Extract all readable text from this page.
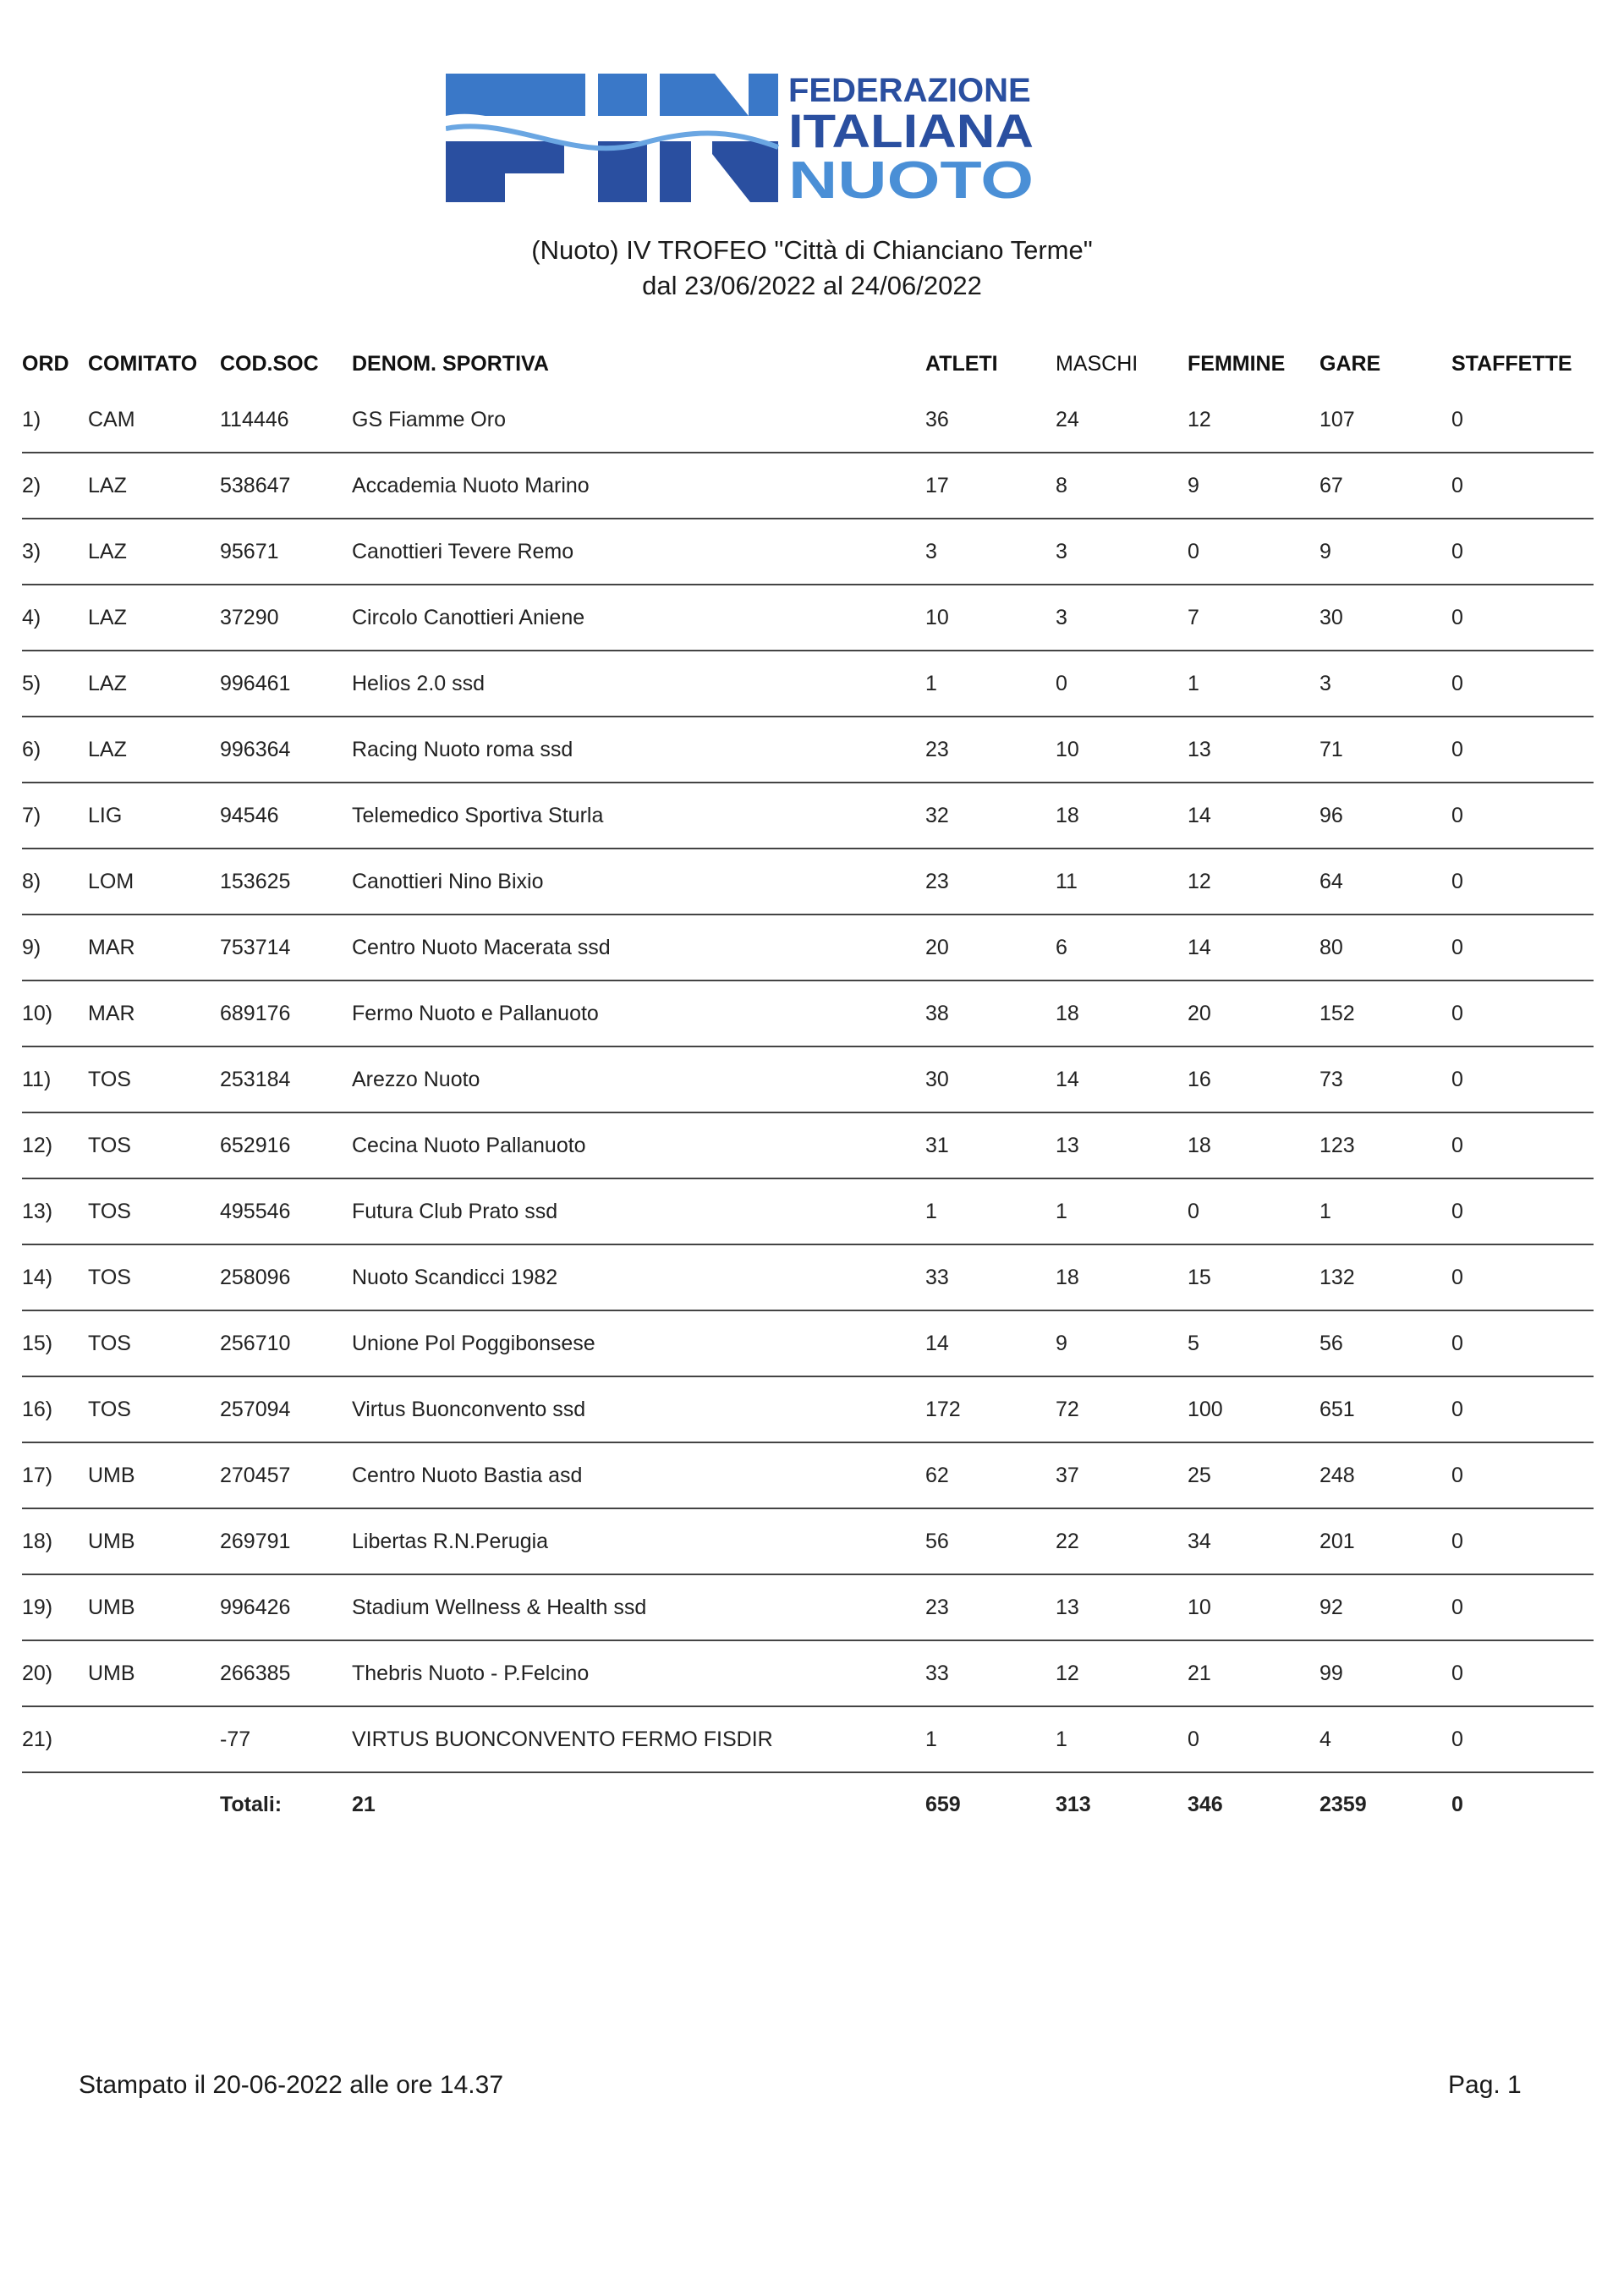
FEDERAZIONE
ITALIANA
NUOTO
(Nuoto) IV TROFEO "Città di Chianciano Terme"
dal 23/06/2022 al 24/06/2022
ORD	COMITATO	COD.SOC	DENOM. SPORTIVA	ATLETI	MASCHI	FEMMINE	GARE	STAFFETTE
1)	CAM	114446	GS Fiamme Oro	36	24	12	107	0
2)	LAZ	538647	Accademia Nuoto Marino	17	8	9	67	0
3)	LAZ	95671	Canottieri Tevere Remo	3	3	0	9	0
4)	LAZ	37290	Circolo Canottieri Aniene	10	3	7	30	0
5)	LAZ	996461	Helios 2.0 ssd	1	0	1	3	0
6)	LAZ	996364	Racing Nuoto roma ssd	23	10	13	71	0
7)	LIG	94546	Telemedico Sportiva Sturla	32	18	14	96	0
8)	LOM	153625	Canottieri Nino Bixio	23	11	12	64	0
9)	MAR	753714	Centro Nuoto Macerata ssd	20	6	14	80	0
10)	MAR	689176	Fermo Nuoto e Pallanuoto	38	18	20	152	0
11)	TOS	253184	Arezzo Nuoto	30	14	16	73	0
12)	TOS	652916	Cecina Nuoto Pallanuoto	31	13	18	123	0
13)	TOS	495546	Futura Club Prato ssd	1	1	0	1	0
14)	TOS	258096	Nuoto Scandicci 1982	33	18	15	132	0
15)	TOS	256710	Unione Pol Poggibonsese	14	9	5	56	0
16)	TOS	257094	Virtus Buonconvento ssd	172	72	100	651	0
17)	UMB	270457	Centro Nuoto Bastia asd	62	37	25	248	0
18)	UMB	269791	Libertas R.N.Perugia	56	22	34	201	0
19)	UMB	996426	Stadium Wellness & Health ssd	23	13	10	92	0
20)	UMB	266385	Thebris Nuoto - P.Felcino	33	12	21	99	0
21)		-77	VIRTUS BUONCONVENTO FERMO FISDIR	1	1	0	4	0
		Totali:	21	659	313	346	2359	0
Stampato il 20-06-2022 alle ore 14.37	Pag. 1
